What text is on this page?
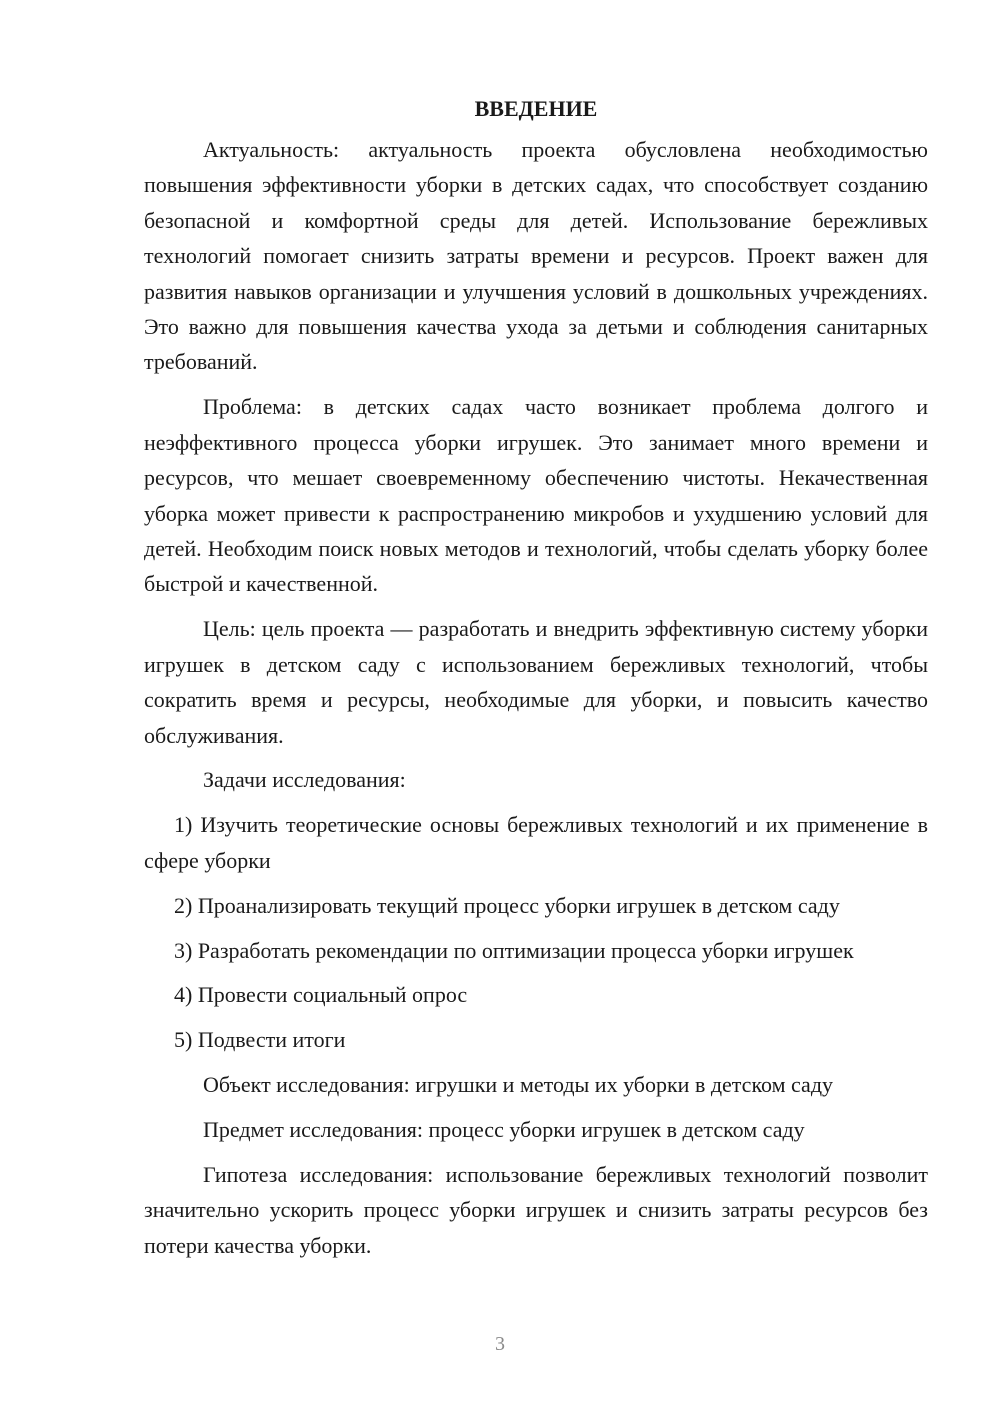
ВВЕДЕНИЕ
Актуальность: актуальность проекта обусловлена необходимостью повышения эффективности уборки в детских садах, что способствует созданию безопасной и комфортной среды для детей. Использование бережливых технологий помогает снизить затраты времени и ресурсов. Проект важен для развития навыков организации и улучшения условий в дошкольных учреждениях. Это важно для повышения качества ухода за детьми и соблюдения санитарных требований.
Проблема: в детских садах часто возникает проблема долгого и неэффективного процесса уборки игрушек. Это занимает много времени и ресурсов, что мешает своевременному обеспечению чистоты. Некачественная уборка может привести к распространению микробов и ухудшению условий для детей. Необходим поиск новых методов и технологий, чтобы сделать уборку более быстрой и качественной.
Цель: цель проекта — разработать и внедрить эффективную систему уборки игрушек в детском саду с использованием бережливых технологий, чтобы сократить время и ресурсы, необходимые для уборки, и повысить качество обслуживания.
Задачи исследования:
1) Изучить теоретические основы бережливых технологий и их применение в сфере уборки
2) Проанализировать текущий процесс уборки игрушек в детском саду
3) Разработать рекомендации по оптимизации процесса уборки игрушек
4) Провести социальный опрос
5) Подвести итоги
Объект исследования: игрушки и методы их уборки в детском саду
Предмет исследования: процесс уборки игрушек в детском саду
Гипотеза исследования: использование бережливых технологий позволит значительно ускорить процесс уборки игрушек и снизить затраты ресурсов без потери качества уборки.
3
